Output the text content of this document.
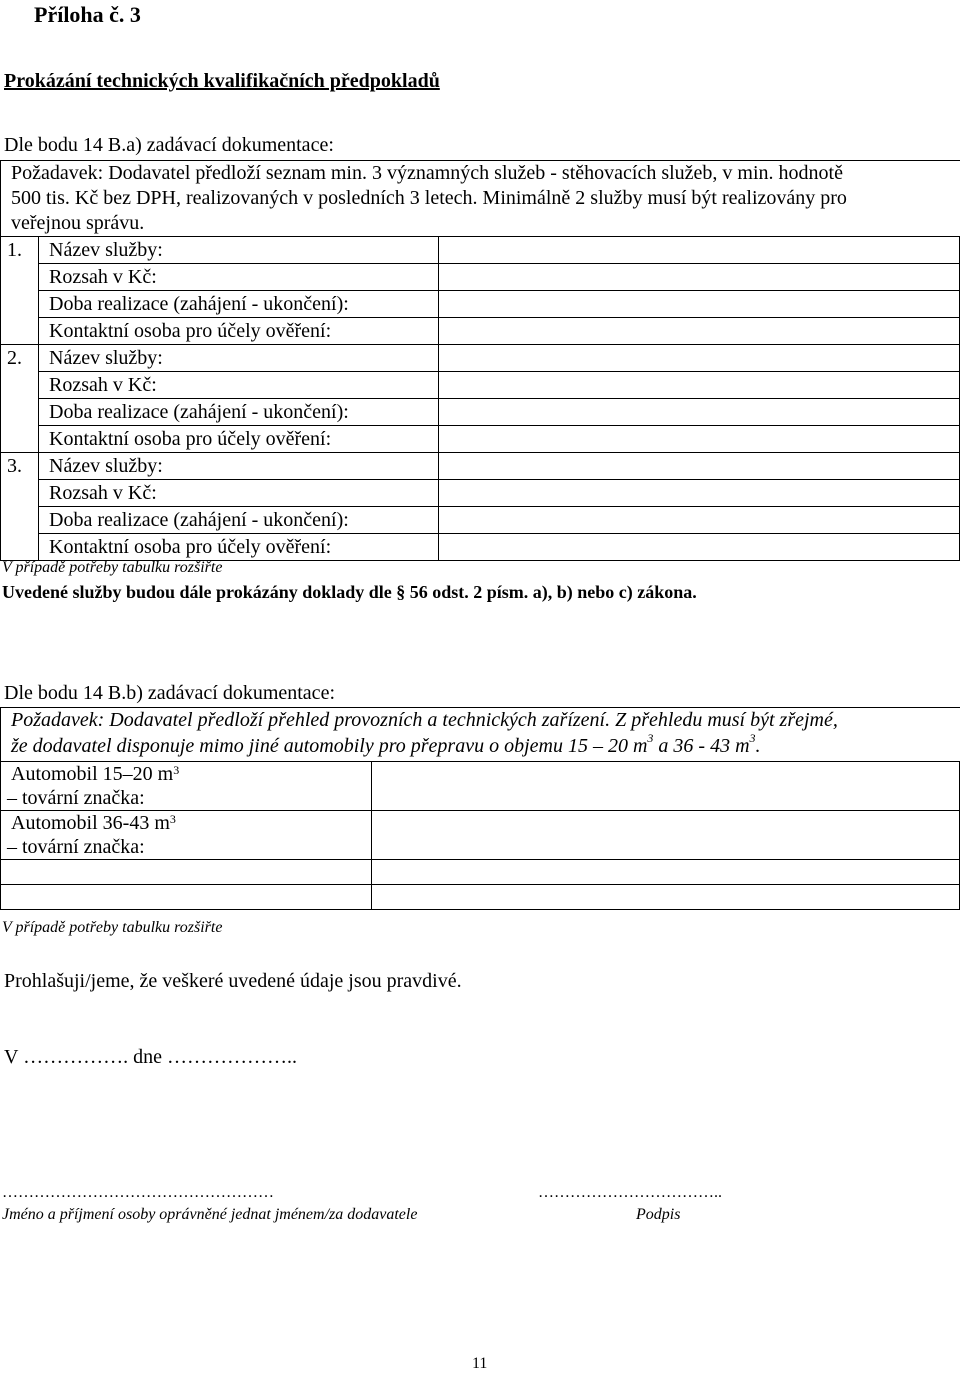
Příloha č. 3
Prokázání technických kvalifikačních předpokladů
Dle bodu 14 B.a) zadávací dokumentace:
Požadavek: Dodavatel předloží seznam min. 3 významných služeb - stěhovacích služeb, v min. hodnotě
500 tis. Kč bez DPH, realizovaných v posledních 3 letech. Minimálně 2 služby musí být realizovány pro
veřejnou správu.
1.	Název služby:	
	Rozsah v Kč:	
	Doba realizace (zahájení - ukončení):	
	Kontaktní osoba pro účely ověření:	
2.	Název služby:	
	Rozsah v Kč:	
	Doba realizace (zahájení - ukončení):	
	Kontaktní osoba pro účely ověření:	
3.	Název služby:	
	Rozsah v Kč:	
	Doba realizace (zahájení - ukončení):	
	Kontaktní osoba pro účely ověření:	
V případě potřeby tabulku rozšiřte
Uvedené služby budou dále prokázány doklady dle § 56 odst. 2 písm. a), b) nebo c) zákona.
Dle bodu 14 B.b) zadávací dokumentace:
Požadavek: Dodavatel předloží přehled provozních a technických zařízení. Z přehledu musí být zřejmé,
že dodavatel disponuje mimo jiné automobily pro přepravu o objemu 15 – 20 $m^3$ a 36 - 43 $m^3$.
Automobil 15–20 $m^3$
– tovární značka:	

Automobil 36-43 $m^3$
– tovární značka:	

V případě potřeby tabulku rozšiřte
Prohlašuji/jeme, že veškeré uvedené údaje jsou pravdivé.
V ……………. dne ………………..
……………………………………………	……………………………..
Jméno a příjmení osoby oprávněné jednat jménem/za dodavatele	Podpis
11
